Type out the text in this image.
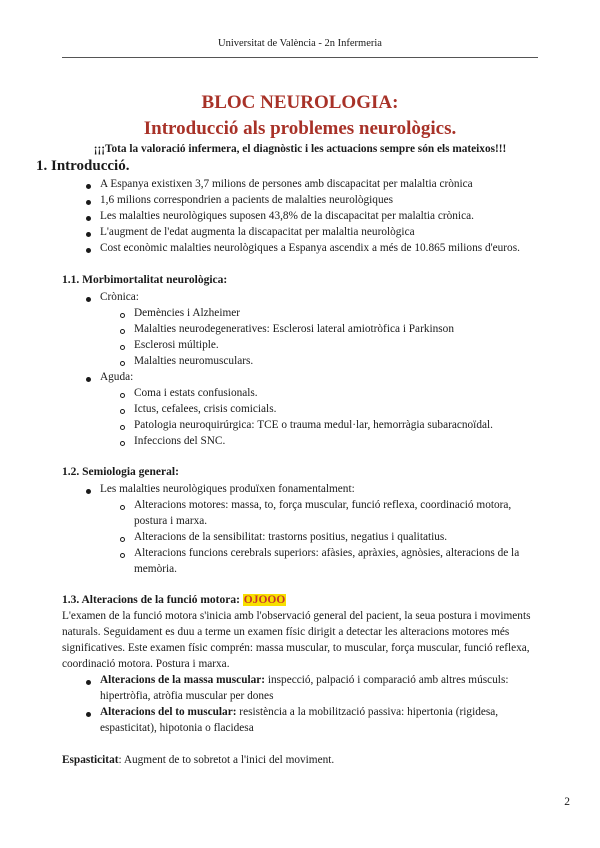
Universitat de València - 2n Infermeria
BLOC NEUROLOGIA:
Introducció als problemes neurològics.
¡¡¡Tota la valoració infermera, el diagnòstic i les actuacions sempre són els mateixos!!!
1. Introducció.
A Espanya existixen 3,7 milions de persones amb discapacitat per malaltia crònica
1,6 milions correspondrien a pacients de malalties neurològiques
Les malalties neurològiques suposen 43,8% de la discapacitat per malaltia crònica.
L'augment de l'edat augmenta la discapacitat per malaltia neurològica
Cost econòmic malalties neurològiques a Espanya ascendix a més de 10.865 milions d'euros.
1.1. Morbimortalitat neurològica:
Crònica:
Demències i Alzheimer
Malalties neurodegeneratives: Esclerosi lateral amiotròfica i Parkinson
Esclerosi múltiple.
Malalties neuromusculars.
Aguda:
Coma i estats confusionals.
Ictus, cefalees, crisis comicials.
Patologia neuroquirúrgica: TCE o trauma medul·lar, hemorràgia subaracnoïdal.
Infeccions del SNC.
1.2. Semiologia general:
Les malalties neurològiques produïxen fonamentalment:
Alteracions motores: massa, to, força muscular, funció reflexa, coordinació motora,
postura i marxa.
Alteracions de la sensibilitat: trastorns positius, negatius i qualitatius.
Alteracions funcions cerebrals superiors: afàsies, apràxies, agnòsies, alteracions de la
memòria.
1.3. Alteracions de la funció motora: OJOOO
L'examen de la funció motora s'inicia amb l'observació general del pacient, la seua postura i moviments
naturals. Seguidament es duu a terme un examen físic dirigit a detectar les alteracions motores més
significatives. Este examen físic comprén: massa muscular, to muscular, força muscular, funció reflexa,
coordinació motora. Postura i marxa.
Alteracions de la massa muscular: inspecció, palpació i comparació amb altres músculs:
hipertròfia, atròfia muscular per dones
Alteracions del to muscular: resistència a la mobilització passiva: hipertonia (rigidesa,
espasticitat), hipotonia o flacidesa
Espasticitat: Augment de to sobretot a l'inici del moviment.
2
